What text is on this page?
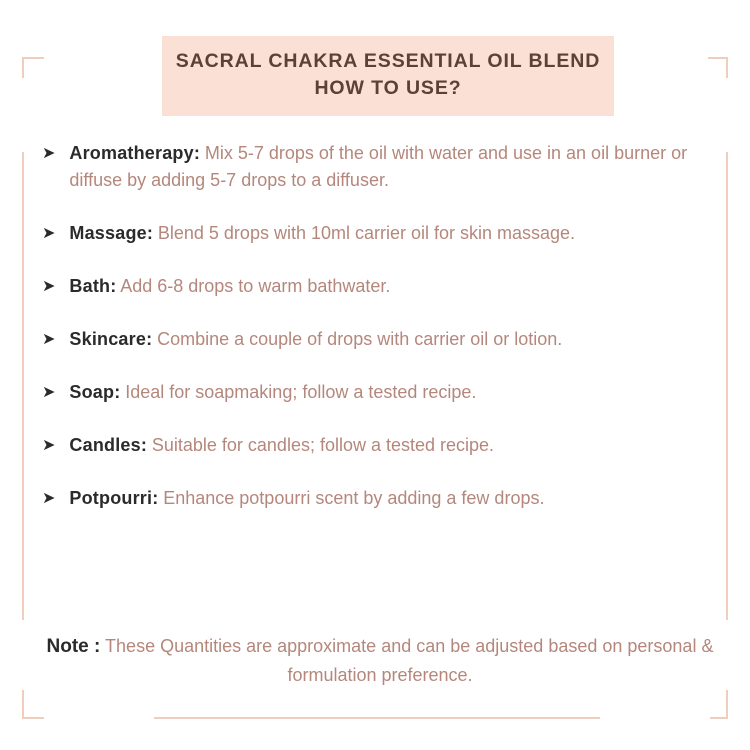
SACRAL CHAKRA ESSENTIAL OIL BLEND
HOW TO USE?
➤ Aromatherapy: Mix 5-7 drops of the oil with water and use in an oil burner or diffuse by adding 5-7 drops to a diffuser.
➤ Massage: Blend 5 drops with 10ml carrier oil for skin massage.
➤ Bath: Add 6-8 drops to warm bathwater.
➤ Skincare: Combine a couple of drops with carrier oil or lotion.
➤ Soap: Ideal for soapmaking; follow a tested recipe.
➤ Candles: Suitable for candles; follow a tested recipe.
➤ Potpourri: Enhance potpourri scent by adding a few drops.
Note : These Quantities are approximate and can be adjusted based on personal & formulation preference.
